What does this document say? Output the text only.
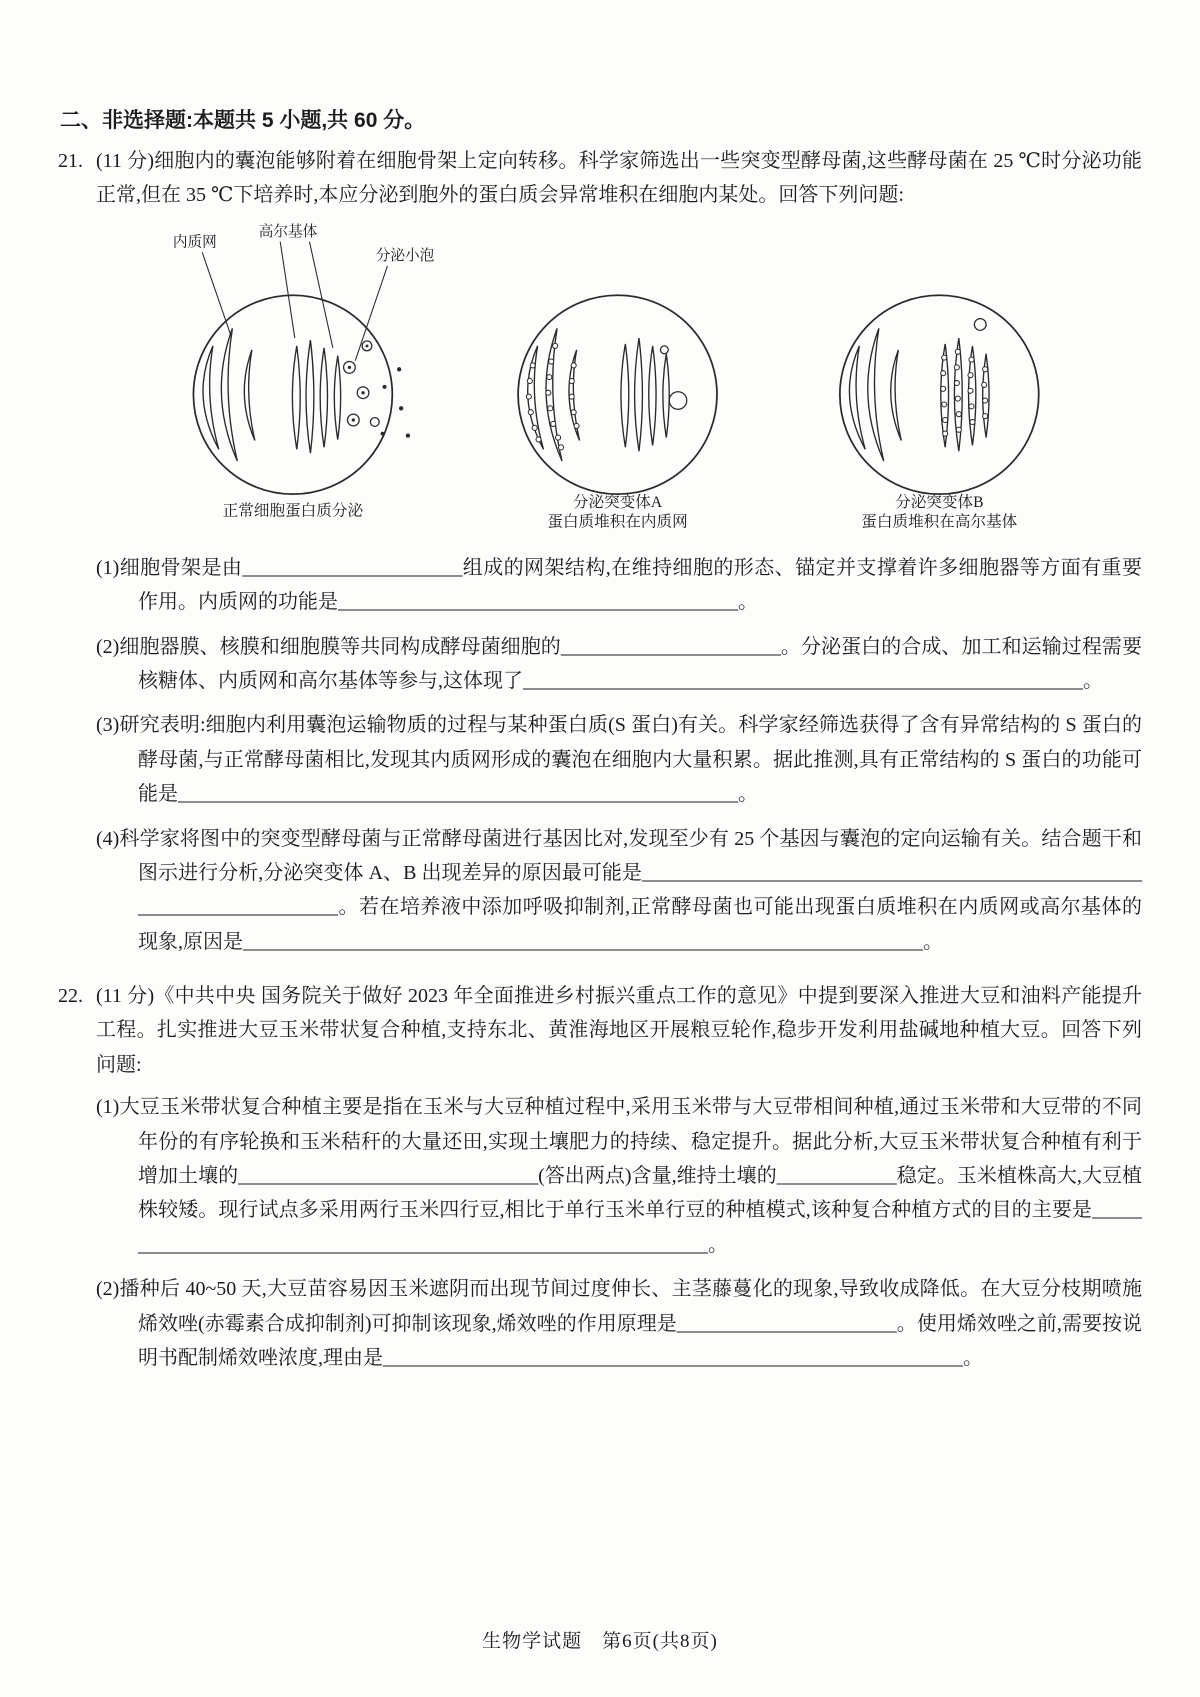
二、非选择题:本题共 5 小题,共 60 分。
21. (11 分)细胞内的囊泡能够附着在细胞骨架上定向转移。科学家筛选出一些突变型酵母菌,这些酵母菌在 25 ℃时分泌功能正常,但在 35 ℃下培养时,本应分泌到胞外的蛋白质会异常堆积在细胞内某处。回答下列问题:

内质网
高尔基体
分泌小泡
正常细胞蛋白质分泌
分泌突变体A
蛋白质堆积在内质网
分泌突变体B
蛋白质堆积在高尔基体

(1)细胞骨架是由______________________组成的网架结构,在维持细胞的形态、锚定并支撑着许多细胞器等方面有重要作用。内质网的功能是________________________________________。

(2)细胞器膜、核膜和细胞膜等共同构成酵母菌细胞的______________________。分泌蛋白的合成、加工和运输过程需要核糖体、内质网和高尔基体等参与,这体现了________________________________________________________。

(3)研究表明:细胞内利用囊泡运输物质的过程与某种蛋白质(S 蛋白)有关。科学家经筛选获得了含有异常结构的 S 蛋白的酵母菌,与正常酵母菌相比,发现其内质网形成的囊泡在细胞内大量积累。据此推测,具有正常结构的 S 蛋白的功能可能是________________________________________________________。

(4)科学家将图中的突变型酵母菌与正常酵母菌进行基因比对,发现至少有 25 个基因与囊泡的定向运输有关。结合题干和图示进行分析,分泌突变体 A、B 出现差异的原因最可能是______________________________________________________________________。若在培养液中添加呼吸抑制剂,正常酵母菌也可能出现蛋白质堆积在内质网或高尔基体的现象,原因是____________________________________________________________________。

22. (11 分)《中共中央 国务院关于做好 2023 年全面推进乡村振兴重点工作的意见》中提到要深入推进大豆和油料产能提升工程。扎实推进大豆玉米带状复合种植,支持东北、黄淮海地区开展粮豆轮作,稳步开发利用盐碱地种植大豆。回答下列问题:

(1)大豆玉米带状复合种植主要是指在玉米与大豆种植过程中,采用玉米带与大豆带相间种植,通过玉米带和大豆带的不同年份的有序轮换和玉米秸秆的大量还田,实现土壤肥力的持续、稳定提升。据此分析,大豆玉米带状复合种植有利于增加土壤的______________________________(答出两点)含量,维持土壤的____________稳定。玉米植株高大,大豆植株较矮。现行试点多采用两行玉米四行豆,相比于单行玉米单行豆的种植模式,该种复合种植方式的目的主要是______________________________________________________________。

(2)播种后 40~50 天,大豆苗容易因玉米遮阴而出现节间过度伸长、主茎藤蔓化的现象,导致收成降低。在大豆分枝期喷施烯效唑(赤霉素合成抑制剂)可抑制该现象,烯效唑的作用原理是______________________。使用烯效唑之前,需要按说明书配制烯效唑浓度,理由是__________________________________________________________。

生物学试题　第6页(共8页)
